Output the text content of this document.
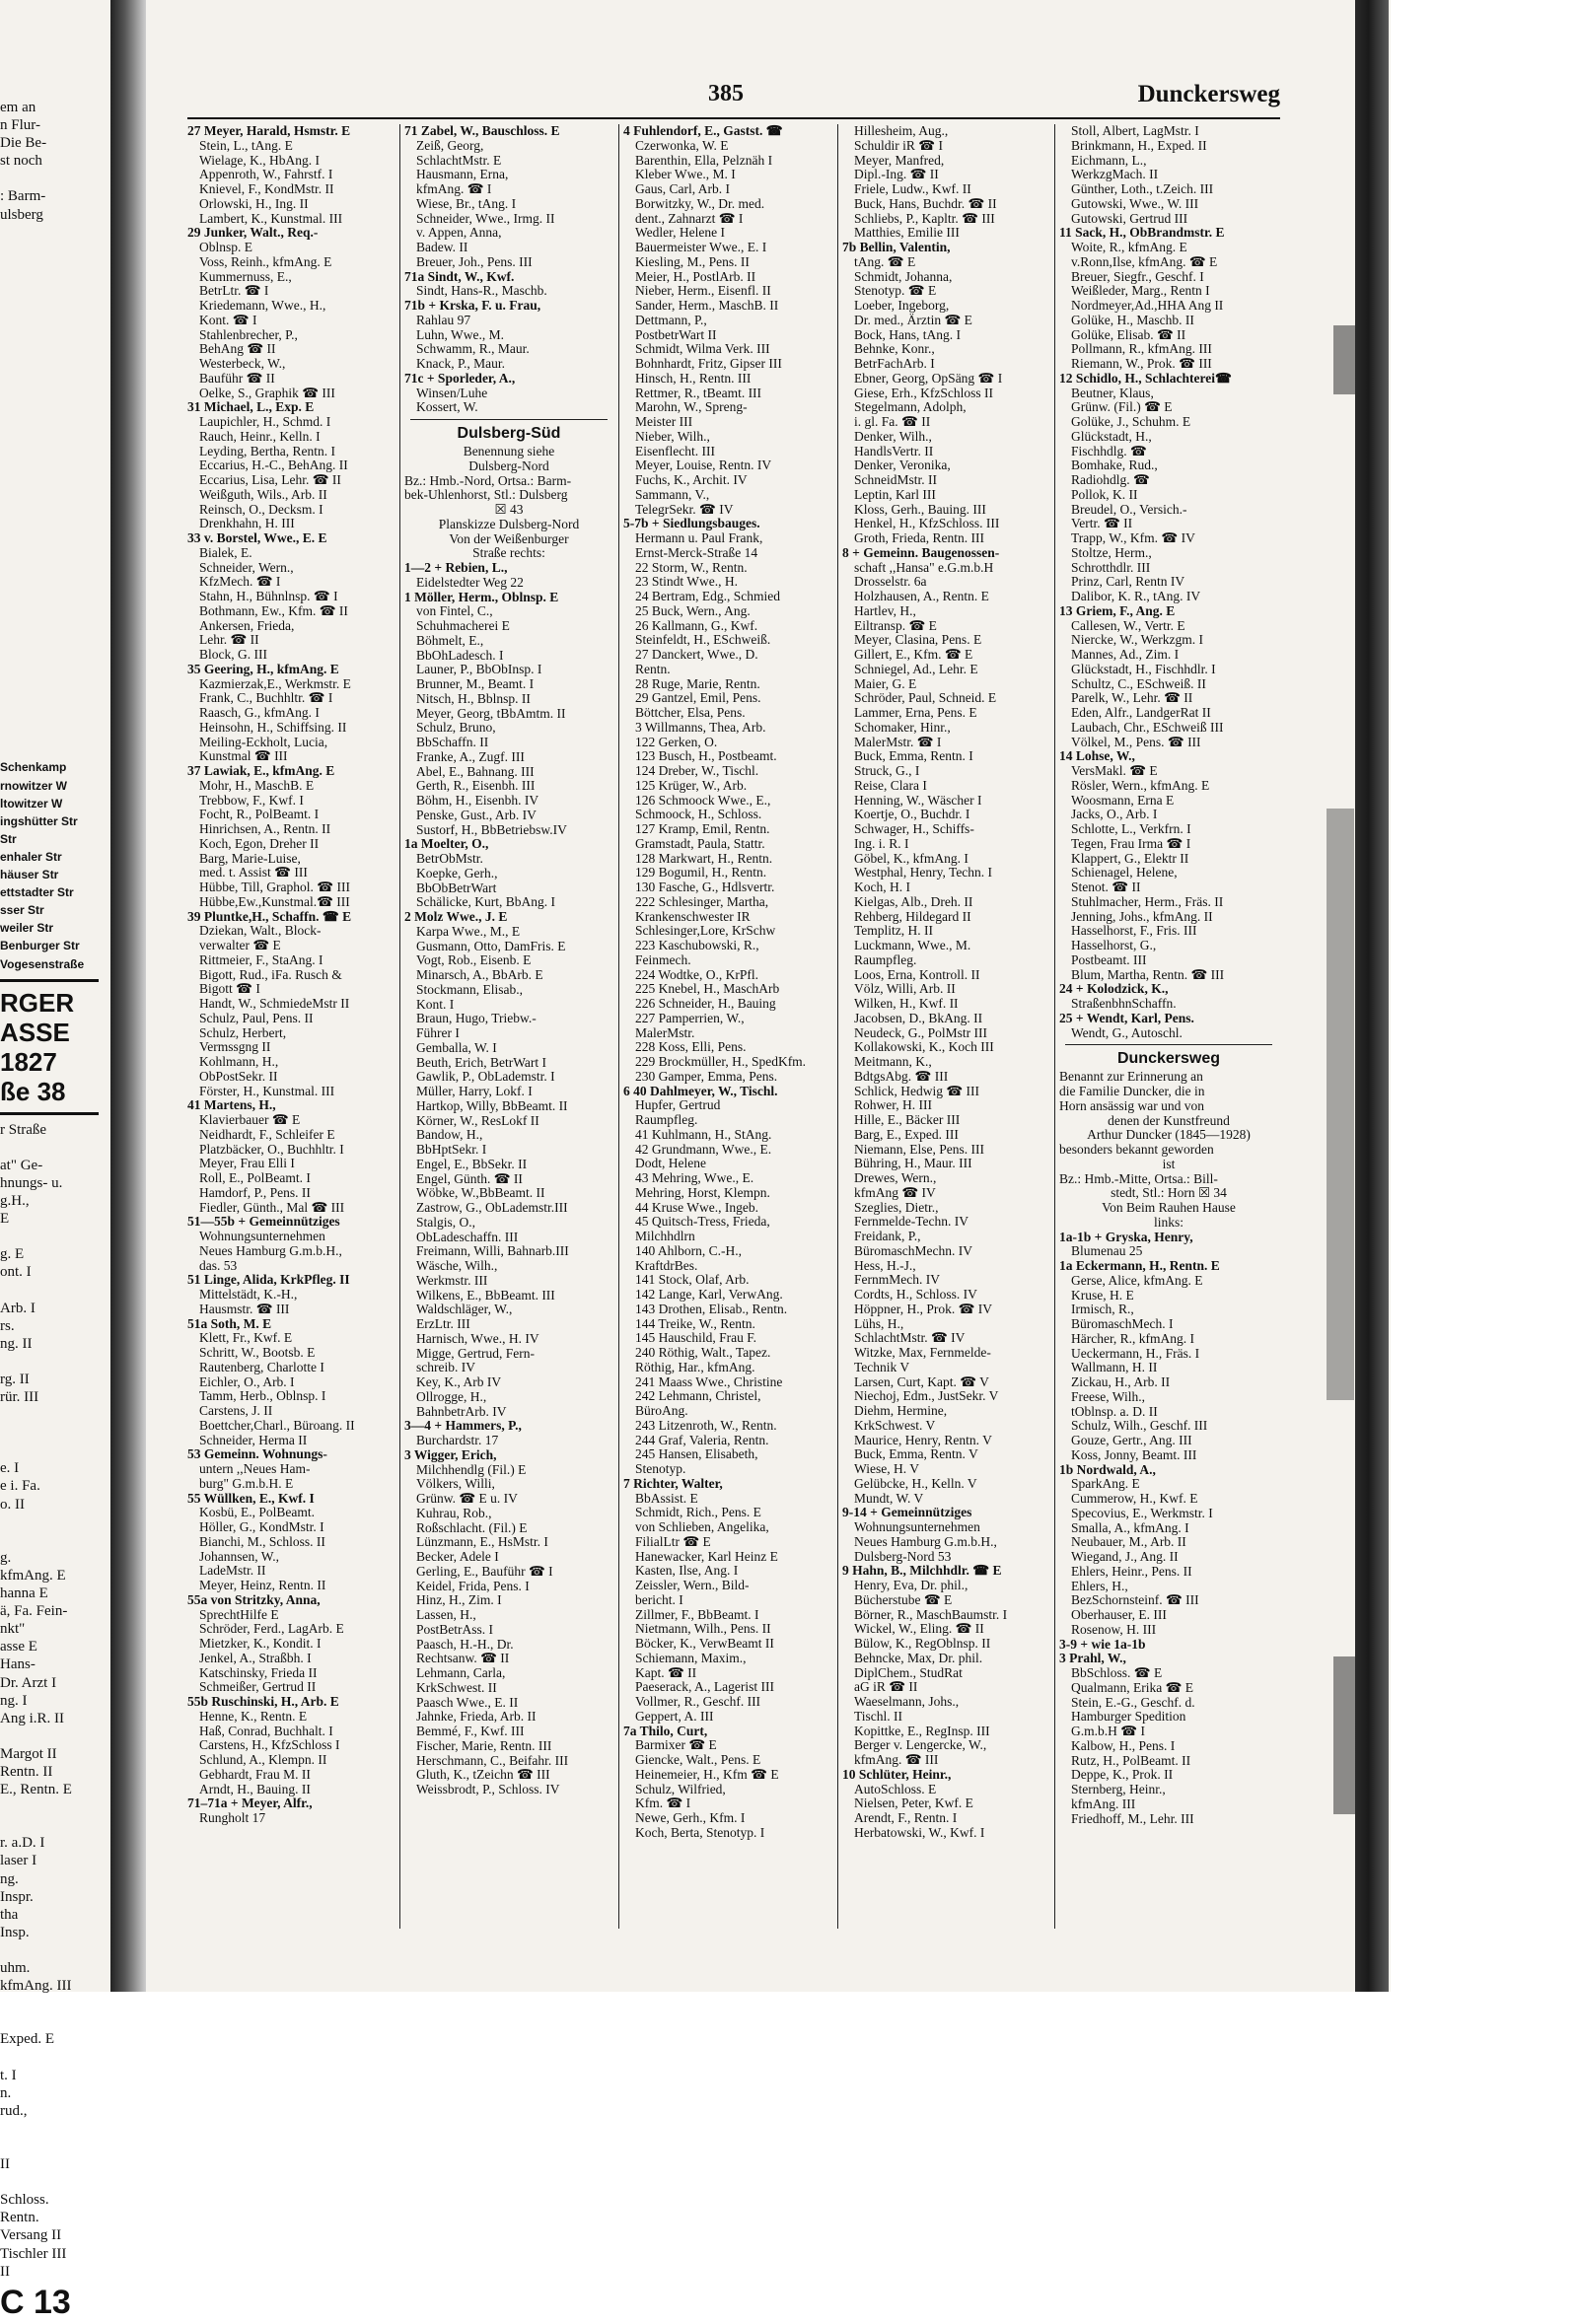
em an
n Flur-
Die Be-
st noch
: Barm-
ulsberg
Schenkamp
rnowitzer W
ltowitzer W
ingshütter Str
Str
enhaler Str
häuser Str
ettstadter Str
sser Str
weiler Str
Benburger Str
Vogesenstraße
RGER
ASSE
1827
ße 38
r Straße
at" Ge-
hnungs- u.
g.H.,
E
g. E
ont. I
Arb. I
rs.
ng. II
rg. II
rür. III
e. I
e i. Fa.
o. II
g.
kfmAng. E
hanna E
ä, Fa. Fein-
nkt"
asse E
Hans-
Dr. Arzt I
ng. I
Ang i.R. II
Margot II
Rentn. II
E., Rentn. E
r. a.D. I
laser I
ng.
Inspr.
tha
Insp.
uhm.
kfmAng. III
Exped. E
t. I
n.
rud.,
II
Schloss.
Rentn.
Versang II
Tischler III
II
C 13
385	Dunckersweg
27 Meyer, Harald, Hsmstr. E
Stein, L., tAng. E
Wielage, K., HbAng. I
Appenroth, W., Fahrstf. I
Knievel, F., KondMstr. II
Orlowski, H., Ing. II
Lambert, K., Kunstmal. III
29 Junker, Walt., Req.-
Oblnsp. E
Voss, Reinh., kfmAng. E
Kummernuss, E.,
BetrLtr. ☎ I
Kriedemann, Wwe., H.,
Kont. ☎ I
Stahlenbrecher, P.,
BehAng ☎ II
Westerbeck, W.,
Bauführ ☎ II
Oelke, S., Graphik ☎ III
31 Michael, L., Exp. E
Laupichler, H., Schmd. I
Rauch, Heinr., Kelln. I
Leyding, Bertha, Rentn. I
Eccarius, H.-C., BehAng. II
Eccarius, Lisa, Lehr. ☎ II
Weißguth, Wils., Arb. II
Reinsch, O., Decksm. I
Drenkhahn, H. III
33 v. Borstel, Wwe., E. E
Bialek, E.
Schneider, Wern.,
KfzMech. ☎ I
Stahn, H., Bühnlnsp. ☎ I
Bothmann, Ew., Kfm. ☎ II
Ankersen, Frieda,
Lehr. ☎ II
Block, G. III
35 Geering, H., kfmAng. E
Kazmierzak,E., Werkmstr. E
Frank, C., Buchhltr. ☎ I
Raasch, G., kfmAng. I
Heinsohn, H., Schiffsing. II
Meiling-Eckholt, Lucia,
Kunstmal ☎ III
37 Lawiak, E., kfmAng. E
Mohr, H., MaschB. E
Trebbow, F., Kwf. I
Focht, R., PolBeamt. I
Hinrichsen, A., Rentn. II
Koch, Egon, Dreher II
Barg, Marie-Luise,
med. t. Assist ☎ III
Hübbe, Till, Graphol. ☎ III
Hübbe,Ew.,Kunstmal.☎ III
39 Pluntke,H., Schaffn. ☎ E
Dziekan, Walt., Block-
verwalter ☎ E
Rittmeier, F., StaAng. I
Bigott, Rud., iFa. Rusch &
Bigott ☎ I
Handt, W., SchmiedeMstr II
Schulz, Paul, Pens. II
Schulz, Herbert,
Vermssgng II
Kohlmann, H.,
ObPostSekr. II
Förster, H., Kunstmal. III
41 Martens, H.,
Klavierbauer ☎ E
Neidhardt, F., Schleifer E
Platzbäcker, O., Buchhltr. I
Meyer, Frau Elli I
Roll, E., PolBeamt. I
Hamdorf, P., Pens. II
Fiedler, Günth., Mal ☎ III
51—55b + Gemeinnütziges
Wohnungsunternehmen
Neues Hamburg G.m.b.H.,
das. 53
51 Linge, Alida, KrkPfleg. II
Mittelstädt, K.-H.,
Hausmstr. ☎ III
51a Soth, M. E
Klett, Fr., Kwf. E
Schritt, W., Bootsb. E
Rautenberg, Charlotte I
Eichler, O., Arb. I
Tamm, Herb., Oblnsp. I
Carstens, J. II
Boettcher,Charl., Büroang. II
Schneider, Herma II
53 Gemeinn. Wohnungs-
untern ,,Neues Ham-
burg" G.m.b.H. E
55 Wüllken, E., Kwf. I
Kosbü, E., PolBeamt.
Höller, G., KondMstr. I
Bianchi, M., Schloss. II
Johannsen, W.,
LadeMstr. II
Meyer, Heinz, Rentn. II
55a von Stritzky, Anna,
SprechtHilfe E
Schröder, Ferd., LagArb. E
Mietzker, K., Kondit. I
Jenkel, A., Straßbh. I
Katschinsky, Frieda II
Schmeißer, Gertrud II
55b Ruschinski, H., Arb. E
Henne, K., Rentn. E
Haß, Conrad, Buchhalt. I
Carstens, H., KfzSchloss I
Schlund, A., Klempn. II
Gebhardt, Frau M. II
Arndt, H., Bauing. II
71–71a + Meyer, Alfr.,
Rungholt 17
71 Zabel, W., Bauschloss. E
Zeiß, Georg,
SchlachtMstr. E
Hausmann, Erna,
kfmAng. ☎ I
Wiese, Br., tAng. I
Schneider, Wwe., Irmg. II
v. Appen, Anna,
Badew. II
Breuer, Joh., Pens. III
71a Sindt, W., Kwf.
Sindt, Hans-R., Maschb.
71b + Krska, F. u. Frau,
Rahlau 97
Luhn, Wwe., M.
Schwamm, R., Maur.
Knack, P., Maur.
71c + Sporleder, A.,
Winsen/Luhe
Kossert, W.
Dulsberg-Süd
Benennung siehe
Dulsberg-Nord
Bz.: Hmb.-Nord, Ortsa.: Barm-
bek-Uhlenhorst, Stl.: Dulsberg
☒ 43
Planskizze Dulsberg-Nord
Von der Weißenburger
Straße rechts:
1—2 + Rebien, L.,
Eidelstedter Weg 22
1 Möller, Herm., Oblnsp. E
von Fintel, C.,
Schuhmacherei E
Böhmelt, E.,
BbOhLadesch. I
Launer, P., BbObInsp. I
Brunner, M., Beamt. I
Nitsch, H., Bblnsp. II
Meyer, Georg, tBbAmtm. II
Schulz, Bruno,
BbSchaffn. II
Franke, A., Zugf. III
Abel, E., Bahnang. III
Gerth, R., Eisenbh. III
Böhm, H., Eisenbh. IV
Penske, Gust., Arb. IV
Sustorf, H., BbBetriebsw.IV
1a Moelter, O.,
BetrObMstr.
Koepke, Gerh.,
BbObBetrWart
Schälicke, Kurt, BbAng. I
2 Molz Wwe., J. E
Karpa Wwe., M., E
Gusmann, Otto, DamFris. E
Vogt, Rob., Eisenb. E
Minarsch, A., BbArb. E
Stockmann, Elisab.,
Kont. I
Braun, Hugo, Triebw.-
Führer I
Gemballa, W. I
Beuth, Erich, BetrWart I
Gawlik, P., ObLademstr. I
Müller, Harry, Lokf. I
Hartkop, Willy, BbBeamt. II
Körner, W., ResLokf II
Bandow, H.,
BbHptSekr. I
Engel, E., BbSekr. II
Engel, Günth. ☎ II
Wöbke, W.,BbBeamt. II
Zastrow, G., ObLademstr.III
Stalgis, O.,
ObLadeschaffn. III
Freimann, Willi, Bahnarb.III
Wäsche, Wilh.,
Werkmstr. III
Wilkens, E., BbBeamt. III
Waldschläger, W.,
ErzLtr. III
Harnisch, Wwe., H. IV
Migge, Gertrud, Fern-
schreib. IV
Key, K., Arb IV
Ollrogge, H.,
BahnbetrArb. IV
3—4 + Hammers, P.,
Burchardstr. 17
3 Wigger, Erich,
Milchhendlg (Fil.) E
Völkers, Willi,
Grünw. ☎ E u. IV
Kuhrau, Rob.,
Roßschlacht. (Fil.) E
Lünzmann, E., HsMstr. I
Becker, Adele I
Gerling, E., Bauführ ☎ I
Keidel, Frida, Pens. I
Hinz, H., Zim. I
Lassen, H.,
PostBetrAss. I
Paasch, H.-H., Dr.
Rechtsanw. ☎ II
Lehmann, Carla,
KrkSchwest. II
Paasch Wwe., E. II
Jahnke, Frieda, Arb. II
Bemmé, F., Kwf. III
Fischer, Marie, Rentn. III
Herschmann, C., Beifahr. III
Gluth, K., tZeichn ☎ III
Weissbrodt, P., Schloss. IV
4 Fuhlendorf, E., Gastst. ☎
Czerwonka, W. E
Barenthin, Ella, Pelznäh I
Kleber Wwe., M. I
Gaus, Carl, Arb. I
Borwitzky, W., Dr. med.
dent., Zahnarzt ☎ I
Wedler, Helene I
Bauermeister Wwe., E. I
Kiesling, M., Pens. II
Meier, H., PostlArb. II
Nieber, Herm., Eisenfl. II
Sander, Herm., MaschB. II
Dettmann, P.,
PostbetrWart II
Schmidt, Wilma Verk. III
Bohnhardt, Fritz, Gipser III
Hinsch, H., Rentn. III
Rettmer, R., tBeamt. III
Marohn, W., Spreng-
Meister III
Nieber, Wilh.,
Eisenflecht. III
Meyer, Louise, Rentn. IV
Fuchs, K., Archit. IV
Sammann, V.,
TelegrSekr. ☎ IV
5-7b + Siedlungsbauges.
Hermann u. Paul Frank,
Ernst-Merck-Straße 14
22 Storm, W., Rentn.
23 Stindt Wwe., H.
24 Bertram, Edg., Schmied
25 Buck, Wern., Ang.
26 Kallmann, G., Kwf.
Steinfeldt, H., ESchweiß.
27 Danckert, Wwe., D.
Rentn.
28 Ruge, Marie, Rentn.
29 Gantzel, Emil, Pens.
Böttcher, Elsa, Pens.
3 Willmanns, Thea, Arb.
122 Gerken, O.
123 Busch, H., Postbeamt.
124 Dreber, W., Tischl.
125 Krüger, W., Arb.
126 Schmoock Wwe., E.,
Schmoock, H., Schloss.
127 Kramp, Emil, Rentn.
Gramstadt, Paula, Stattr.
128 Markwart, H., Rentn.
129 Bogumil, H., Rentn.
130 Fasche, G., Hdlsvertr.
222 Schlesinger, Martha,
Krankenschwester IR
Schlesinger,Lore, KrSchw
223 Kaschubowski, R.,
Feinmech.
224 Wodtke, O., KrPfl.
225 Knebel, H., MaschArb
226 Schneider, H., Bauing
227 Pamperrien, W.,
MalerMstr.
228 Koss, Elli, Pens.
229 Brockmüller, H., SpedKfm.
230 Gamper, Emma, Pens.
6 40 Dahlmeyer, W., Tischl.
Hupfer, Gertrud
Raumpfleg.
41 Kuhlmann, H., StAng.
42 Grundmann, Wwe., E.
Dodt, Helene
43 Mehring, Wwe., E.
Mehring, Horst, Klempn.
44 Kruse Wwe., Ingeb.
45 Quitsch-Tress, Frieda,
Milchhdlrn
140 Ahlborn, C.-H.,
KraftdrBes.
141 Stock, Olaf, Arb.
142 Lange, Karl, VerwAng.
143 Drothen, Elisab., Rentn.
144 Treike, W., Rentn.
145 Hauschild, Frau F.
240 Röthig, Walt., Tapez.
Röthig, Har., kfmAng.
241 Maass Wwe., Christine
242 Lehmann, Christel,
BüroAng.
243 Litzenroth, W., Rentn.
244 Graf, Valeria, Rentn.
245 Hansen, Elisabeth,
Stenotyp.
7 Richter, Walter,
BbAssist. E
Schmidt, Rich., Pens. E
von Schlieben, Angelika,
FilialLtr ☎ E
Hanewacker, Karl Heinz E
Kasten, Ilse, Ang. I
Zeissler, Wern., Bild-
bericht. I
Zillmer, F., BbBeamt. I
Nietmann, Wilh., Pens. II
Böcker, K., VerwBeamt II
Schiemann, Maxim.,
Kapt. ☎ II
Paeserack, A., Lagerist III
Vollmer, R., Geschf. III
Geppert, A. III
7a Thilo, Curt,
Barmixer ☎ E
Giencke, Walt., Pens. E
Heinemeier, H., Kfm ☎ E
Schulz, Wilfried,
Kfm. ☎ I
Newe, Gerh., Kfm. I
Koch, Berta, Stenotyp. I
Hillesheim, Aug.,
Schuldir iR ☎ I
Meyer, Manfred,
Dipl.-Ing. ☎ II
Friele, Ludw., Kwf. II
Buck, Hans, Buchdr. ☎ II
Schliebs, P., Kapltr. ☎ III
Matthies, Emilie III
7b Bellin, Valentin,
tAng. ☎ E
Schmidt, Johanna,
Stenotyp. ☎ E
Loeber, Ingeborg,
Dr. med., Ärztin ☎ E
Bock, Hans, tAng. I
Behnke, Konr.,
BetrFachArb. I
Ebner, Georg, OpSäng ☎ I
Giese, Erh., KfzSchloss II
Stegelmann, Adolph,
i. gl. Fa. ☎ II
Denker, Wilh.,
HandlsVertr. II
Denker, Veronika,
SchneidMstr. II
Leptin, Karl III
Kloss, Gerh., Bauing. III
Henkel, H., KfzSchloss. III
Groth, Frieda, Rentn. III
8 + Gemeinn. Baugenossen-
schaft ,,Hansa" e.G.m.b.H
Drosselstr. 6a
Holzhausen, A., Rentn. E
Hartlev, H.,
Eiltransp. ☎ E
Meyer, Clasina, Pens. E
Gillert, E., Kfm. ☎ E
Schniegel, Ad., Lehr. E
Maier, G. E
Schröder, Paul, Schneid. E
Lammer, Erna, Pens. E
Schomaker, Hinr.,
MalerMstr. ☎ I
Buck, Emma, Rentn. I
Struck, G., I
Reise, Clara I
Henning, W., Wäscher I
Koertje, O., Buchdr. I
Schwager, H., Schiffs-
Ing. i. R. I
Göbel, K., kfmAng. I
Westphal, Henry, Techn. I
Koch, H. I
Kielgas, Alb., Dreh. II
Rehberg, Hildegard II
Templitz, H. II
Luckmann, Wwe., M.
Raumpfleg.
Loos, Erna, Kontroll. II
Völz, Willi, Arb. II
Wilken, H., Kwf. II
Jacobsen, D., BkAng. II
Neudeck, G., PolMstr III
Kollakowski, K., Koch III
Meitmann, K.,
BdtgsAbg. ☎ III
Schlick, Hedwig ☎ III
Rohwer, H. III
Hille, E., Bäcker III
Barg, E., Exped. III
Niemann, Else, Pens. III
Bühring, H., Maur. III
Drewes, Wern.,
kfmAng ☎ IV
Szeglies, Dietr.,
Fernmelde-Techn. IV
Freidank, P.,
BüromaschMechn. IV
Hess, H.-J.,
FernmMech. IV
Cordts, H., Schloss. IV
Höppner, H., Prok. ☎ IV
Lühs, H.,
SchlachtMstr. ☎ IV
Witzke, Max, Fernmelde-
Technik V
Larsen, Curt, Kapt. ☎ V
Niechoj, Edm., JustSekr. V
Diehm, Hermine,
KrkSchwest. V
Maurice, Henry, Rentn. V
Buck, Emma, Rentn. V
Wiese, H. V
Gelübcke, H., Kelln. V
Mundt, W. V
9-14 + Gemeinnütziges
Wohnungsunternehmen
Neues Hamburg G.m.b.H.,
Dulsberg-Nord 53
9 Hahn, B., Milchhdlr. ☎ E
Henry, Eva, Dr. phil.,
Bücherstube ☎ E
Börner, R., MaschBaumstr. I
Wickel, W., Eling. ☎ II
Bülow, K., RegOblnsp. II
Behncke, Max, Dr. phil.
DiplChem., StudRat
aG iR ☎ II
Waeselmann, Johs.,
Tischl. II
Kopittke, E., RegInsp. III
Berger v. Lengercke, W.,
kfmAng. ☎ III
10 Schlüter, Heinr.,
AutoSchloss. E
Nielsen, Peter, Kwf. E
Arendt, F., Rentn. I
Herbatowski, W., Kwf. I
Stoll, Albert, LagMstr. I
Brinkmann, H., Exped. II
Eichmann, L.,
WerkzgMach. II
Günther, Loth., t.Zeich. III
Gutowski, Wwe., W. III
Gutowski, Gertrud III
11 Sack, H., ObBrandmstr. E
Woite, R., kfmAng. E
v.Ronn,Ilse, kfmAng. ☎ E
Breuer, Siegfr., Geschf. I
Weißleder, Marg., Rentn I
Nordmeyer,Ad.,HHA Ang II
Golüke, H., Maschb. II
Golüke, Elisab. ☎ II
Pollmann, R., kfmAng. III
Riemann, W., Prok. ☎ III
12 Schidlo, H., Schlachterei☎
Beutner, Klaus,
Grünw. (Fil.) ☎ E
Golüke, J., Schuhm. E
Glückstadt, H.,
Fischhdlg. ☎
Bomhake, Rud.,
Radiohdlg. ☎
Pollok, K. II
Breudel, O., Versich.-
Vertr. ☎ II
Trapp, W., Kfm. ☎ IV
Stoltze, Herm.,
Schrotthdlr. III
Prinz, Carl, Rentn IV
Dalibor, K. R., tAng. IV
13 Griem, F., Ang. E
Callesen, W., Vertr. E
Niercke, W., Werkzgm. I
Mannes, Ad., Zim. I
Glückstadt, H., Fischhdlr. I
Schultz, C., ESchweiß. II
Parelk, W., Lehr. ☎ II
Eden, Alfr., LandgerRat II
Laubach, Chr., ESchweiß III
Völkel, M., Pens. ☎ III
14 Lohse, W.,
VersMakl. ☎ E
Rösler, Wern., kfmAng. E
Woosmann, Erna E
Jacks, O., Arb. I
Schlotte, L., Verkfrn. I
Tegen, Frau Irma ☎ I
Klappert, G., Elektr II
Schienagel, Helene,
Stenot. ☎ II
Stuhlmacher, Herm., Fräs. II
Jenning, Johs., kfmAng. II
Hasselhorst, F., Fris. III
Hasselhorst, G.,
Postbeamt. III
Blum, Martha, Rentn. ☎ III
24 + Kolodzick, K.,
StraßenbhnSchaffn.
25 + Wendt, Karl, Pens.
Wendt, G., Autoschl.
Dunckersweg
Benannt zur Erinnerung an
die Familie Duncker, die in
Horn ansässig war und von
denen der Kunstfreund
Arthur Duncker (1845—1928)
besonders bekannt geworden
ist
Bz.: Hmb.-Mitte, Ortsa.: Bill-
stedt, Stl.: Horn ☒ 34
Von Beim Rauhen Hause
links:
1a-1b + Gryska, Henry,
Blumenau 25
1a Eckermann, H., Rentn. E
Gerse, Alice, kfmAng. E
Kruse, H. E
Irmisch, R.,
BüromaschMech. I
Härcher, R., kfmAng. I
Ueckermann, H., Fräs. I
Wallmann, H. II
Zickau, H., Arb. II
Freese, Wilh.,
tOblnsp. a. D. II
Schulz, Wilh., Geschf. III
Gouze, Gertr., Ang. III
Koss, Jonny, Beamt. III
1b Nordwald, A.,
SparkAng. E
Cummerow, H., Kwf. E
Specovius, E., Werkmstr. I
Smalla, A., kfmAng. I
Neubauer, M., Arb. II
Wiegand, J., Ang. II
Ehlers, Heinr., Pens. II
Ehlers, H.,
BezSchornsteinf. ☎ III
Oberhauser, E. III
Rosenow, H. III
3-9 + wie 1a-1b
3 Prahl, W.,
BbSchloss. ☎ E
Qualmann, Erika ☎ E
Stein, E.-G., Geschf. d.
Hamburger Spedition
G.m.b.H ☎ I
Kalbow, H., Pens. I
Rutz, H., PolBeamt. II
Deppe, K., Prok. II
Sternberg, Heinr.,
kfmAng. III
Friedhoff, M., Lehr. III
